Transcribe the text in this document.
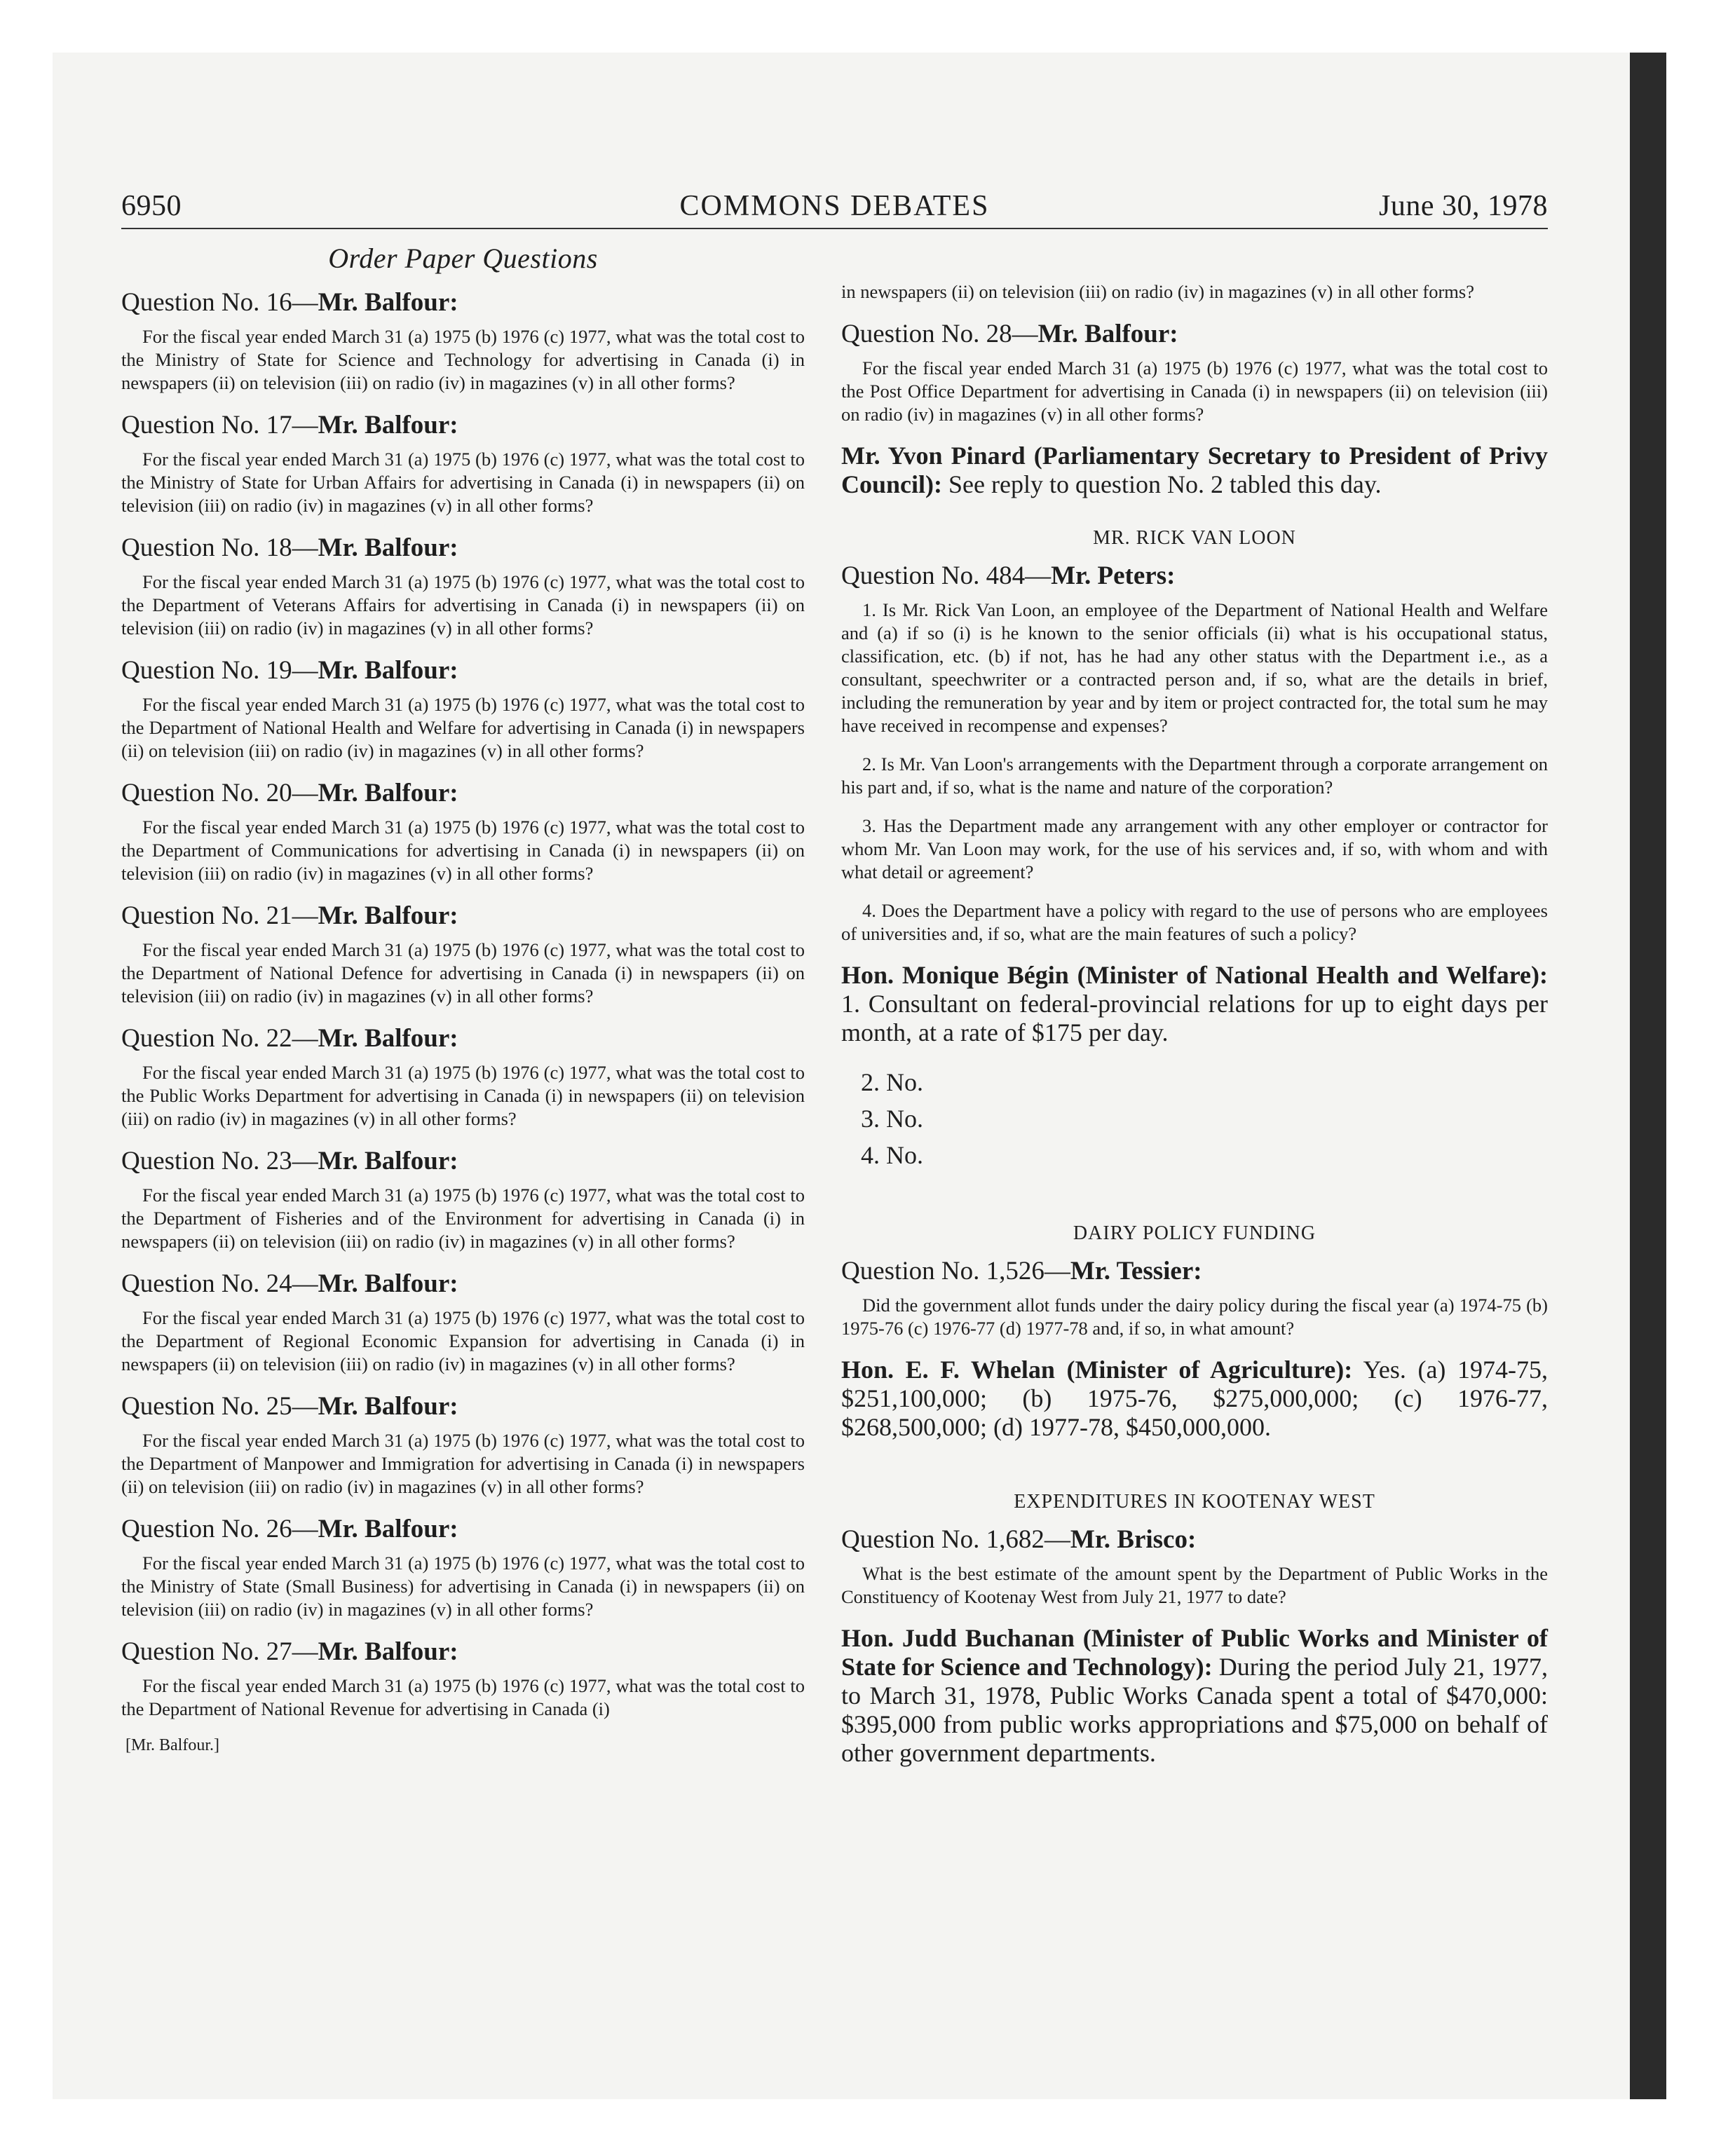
6950	COMMONS DEBATES	June 30, 1978
Order Paper Questions
Question No. 16—Mr. Balfour:
For the fiscal year ended March 31 (a) 1975 (b) 1976 (c) 1977, what was the total cost to the Ministry of State for Science and Technology for advertising in Canada (i) in newspapers (ii) on television (iii) on radio (iv) in magazines (v) in all other forms?
Question No. 17—Mr. Balfour:
For the fiscal year ended March 31 (a) 1975 (b) 1976 (c) 1977, what was the total cost to the Ministry of State for Urban Affairs for advertising in Canada (i) in newspapers (ii) on television (iii) on radio (iv) in magazines (v) in all other forms?
Question No. 18—Mr. Balfour:
For the fiscal year ended March 31 (a) 1975 (b) 1976 (c) 1977, what was the total cost to the Department of Veterans Affairs for advertising in Canada (i) in newspapers (ii) on television (iii) on radio (iv) in magazines (v) in all other forms?
Question No. 19—Mr. Balfour:
For the fiscal year ended March 31 (a) 1975 (b) 1976 (c) 1977, what was the total cost to the Department of National Health and Welfare for advertising in Canada (i) in newspapers (ii) on television (iii) on radio (iv) in magazines (v) in all other forms?
Question No. 20—Mr. Balfour:
For the fiscal year ended March 31 (a) 1975 (b) 1976 (c) 1977, what was the total cost to the Department of Communications for advertising in Canada (i) in newspapers (ii) on television (iii) on radio (iv) in magazines (v) in all other forms?
Question No. 21—Mr. Balfour:
For the fiscal year ended March 31 (a) 1975 (b) 1976 (c) 1977, what was the total cost to the Department of National Defence for advertising in Canada (i) in newspapers (ii) on television (iii) on radio (iv) in magazines (v) in all other forms?
Question No. 22—Mr. Balfour:
For the fiscal year ended March 31 (a) 1975 (b) 1976 (c) 1977, what was the total cost to the Public Works Department for advertising in Canada (i) in newspapers (ii) on television (iii) on radio (iv) in magazines (v) in all other forms?
Question No. 23—Mr. Balfour:
For the fiscal year ended March 31 (a) 1975 (b) 1976 (c) 1977, what was the total cost to the Department of Fisheries and of the Environment for advertising in Canada (i) in newspapers (ii) on television (iii) on radio (iv) in magazines (v) in all other forms?
Question No. 24—Mr. Balfour:
For the fiscal year ended March 31 (a) 1975 (b) 1976 (c) 1977, what was the total cost to the Department of Regional Economic Expansion for advertising in Canada (i) in newspapers (ii) on television (iii) on radio (iv) in magazines (v) in all other forms?
Question No. 25—Mr. Balfour:
For the fiscal year ended March 31 (a) 1975 (b) 1976 (c) 1977, what was the total cost to the Department of Manpower and Immigration for advertising in Canada (i) in newspapers (ii) on television (iii) on radio (iv) in magazines (v) in all other forms?
Question No. 26—Mr. Balfour:
For the fiscal year ended March 31 (a) 1975 (b) 1976 (c) 1977, what was the total cost to the Ministry of State (Small Business) for advertising in Canada (i) in newspapers (ii) on television (iii) on radio (iv) in magazines (v) in all other forms?
Question No. 27—Mr. Balfour:
For the fiscal year ended March 31 (a) 1975 (b) 1976 (c) 1977, what was the total cost to the Department of National Revenue for advertising in Canada (i)
[Mr. Balfour.]
in newspapers (ii) on television (iii) on radio (iv) in magazines (v) in all other forms?
Question No. 28—Mr. Balfour:
For the fiscal year ended March 31 (a) 1975 (b) 1976 (c) 1977, what was the total cost to the Post Office Department for advertising in Canada (i) in newspapers (ii) on television (iii) on radio (iv) in magazines (v) in all other forms?
Mr. Yvon Pinard (Parliamentary Secretary to President of Privy Council): See reply to question No. 2 tabled this day.
MR. RICK VAN LOON
Question No. 484—Mr. Peters:
1. Is Mr. Rick Van Loon, an employee of the Department of National Health and Welfare and (a) if so (i) is he known to the senior officials (ii) what is his occupational status, classification, etc. (b) if not, has he had any other status with the Department i.e., as a consultant, speechwriter or a contracted person and, if so, what are the details in brief, including the remuneration by year and by item or project contracted for, the total sum he may have received in recompense and expenses?
2. Is Mr. Van Loon's arrangements with the Department through a corporate arrangement on his part and, if so, what is the name and nature of the corporation?
3. Has the Department made any arrangement with any other employer or contractor for whom Mr. Van Loon may work, for the use of his services and, if so, with whom and with what detail or agreement?
4. Does the Department have a policy with regard to the use of persons who are employees of universities and, if so, what are the main features of such a policy?
Hon. Monique Bégin (Minister of National Health and Welfare): 1. Consultant on federal-provincial relations for up to eight days per month, at a rate of $175 per day.
2. No.
3. No.
4. No.
DAIRY POLICY FUNDING
Question No. 1,526—Mr. Tessier:
Did the government allot funds under the dairy policy during the fiscal year (a) 1974-75 (b) 1975-76 (c) 1976-77 (d) 1977-78 and, if so, in what amount?
Hon. E. F. Whelan (Minister of Agriculture): Yes. (a) 1974-75, $251,100,000; (b) 1975-76, $275,000,000; (c) 1976-77, $268,500,000; (d) 1977-78, $450,000,000.
EXPENDITURES IN KOOTENAY WEST
Question No. 1,682—Mr. Brisco:
What is the best estimate of the amount spent by the Department of Public Works in the Constituency of Kootenay West from July 21, 1977 to date?
Hon. Judd Buchanan (Minister of Public Works and Minister of State for Science and Technology): During the period July 21, 1977, to March 31, 1978, Public Works Canada spent a total of $470,000: $395,000 from public works appropriations and $75,000 on behalf of other government departments.
